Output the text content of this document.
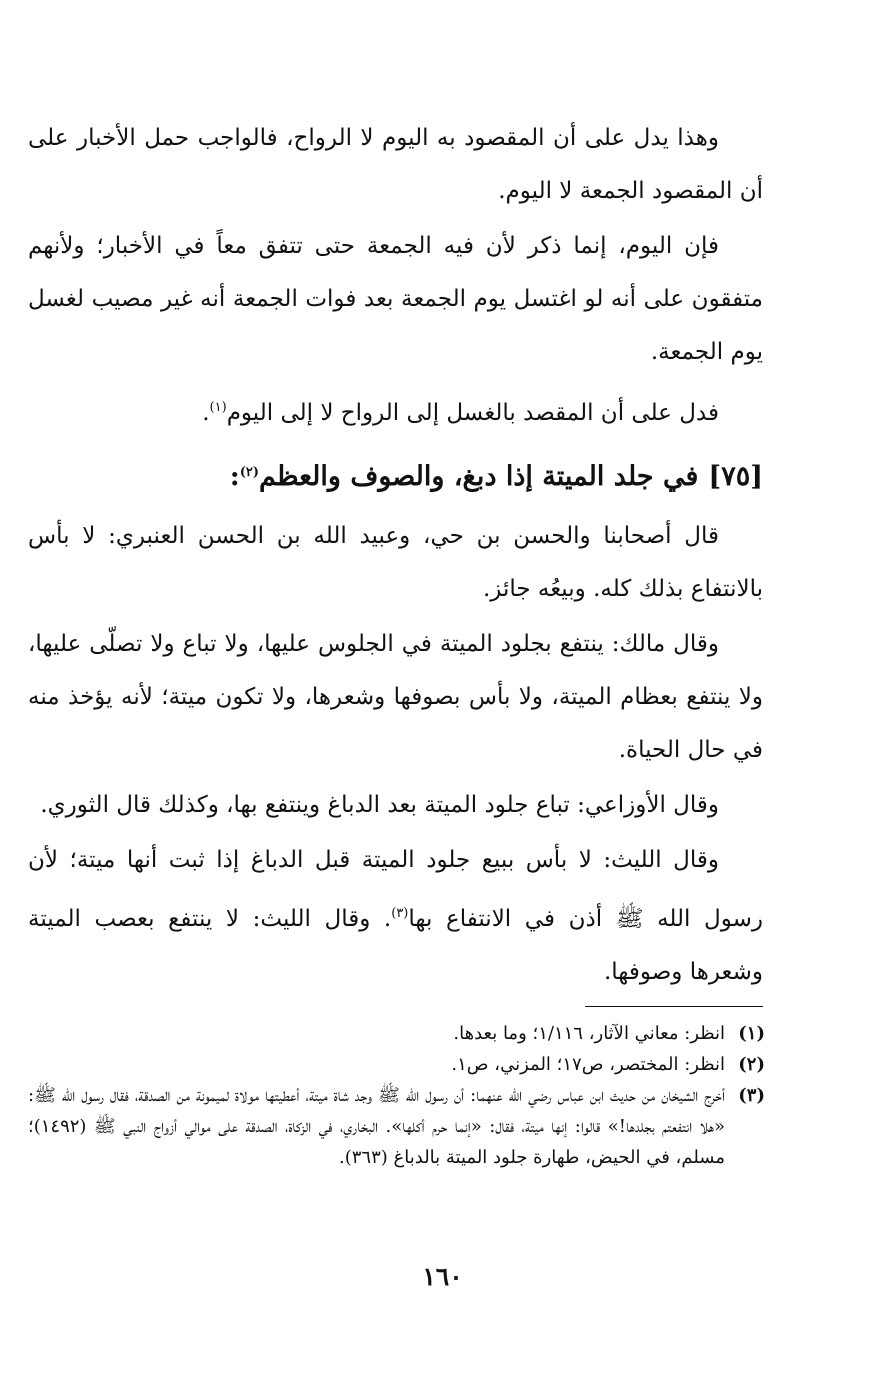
وهذا يدل على أن المقصود به اليوم لا الرواح، فالواجب حمل الأخبار على أن المقصود الجمعة لا اليوم.

فإن اليوم، إنما ذكر لأن فيه الجمعة حتى تتفق معاً في الأخبار؛ ولأنهم متفقون على أنه لو اغتسل يوم الجمعة بعد فوات الجمعة أنه غير مصيب لغسل يوم الجمعة.

فدل على أن المقصد بالغسل إلى الرواح لا إلى اليوم$^{(١)}$.

[٧٥]في جلد الميتة إذا دبغ، والصوف والعظم$^{(٢)}$:

قال أصحابنا والحسن بن حي، وعبيد الله بن الحسن العنبري: لا بأس بالانتفاع بذلك كله. وبيعُه جائز.

وقال مالك: ينتفع بجلود الميتة في الجلوس عليها، ولا تباع ولا تصلّى عليها، ولا ينتفع بعظام الميتة، ولا بأس بصوفها وشعرها، ولا تكون ميتة؛ لأنه يؤخذ منه في حال الحياة.

وقال الأوزاعي: تباع جلود الميتة بعد الدباغ وينتفع بها، وكذلك قال الثوري.

وقال الليث: لا بأس ببيع جلود الميتة قبل الدباغ إذا ثبت أنها ميتة؛ لأن رسول الله ﷺ أذن في الانتفاع بها$^{(٣)}$. وقال الليث: لا ينتفع بعصب الميتة وشعرها وصوفها.

(١)
انظر: معاني الآثار، ١/١١٦؛ وما بعدها.
(٢)
انظر: المختصر، ص١٧؛ المزني، ص١.
(٣)
أخرج الشيخان من حديث ابن عباس رضي الله عنهما: أن رسول الله ﷺ وجد شاة ميتة، أعطيتها مولاة لميمونة من الصدقة، فقال رسول الله ﷺ: «هلا انتفعتم بجلدها!» قالوا: إنها ميتة، فقال: «إنما حرم أكلها». البخاري، في الزكاة، الصدقة على موالي أزواج النبي ﷺ (١٤٩٢)؛ مسلم، في الحيض، طهارة جلود الميتة بالدباغ (٣٦٣).
١٦٠
